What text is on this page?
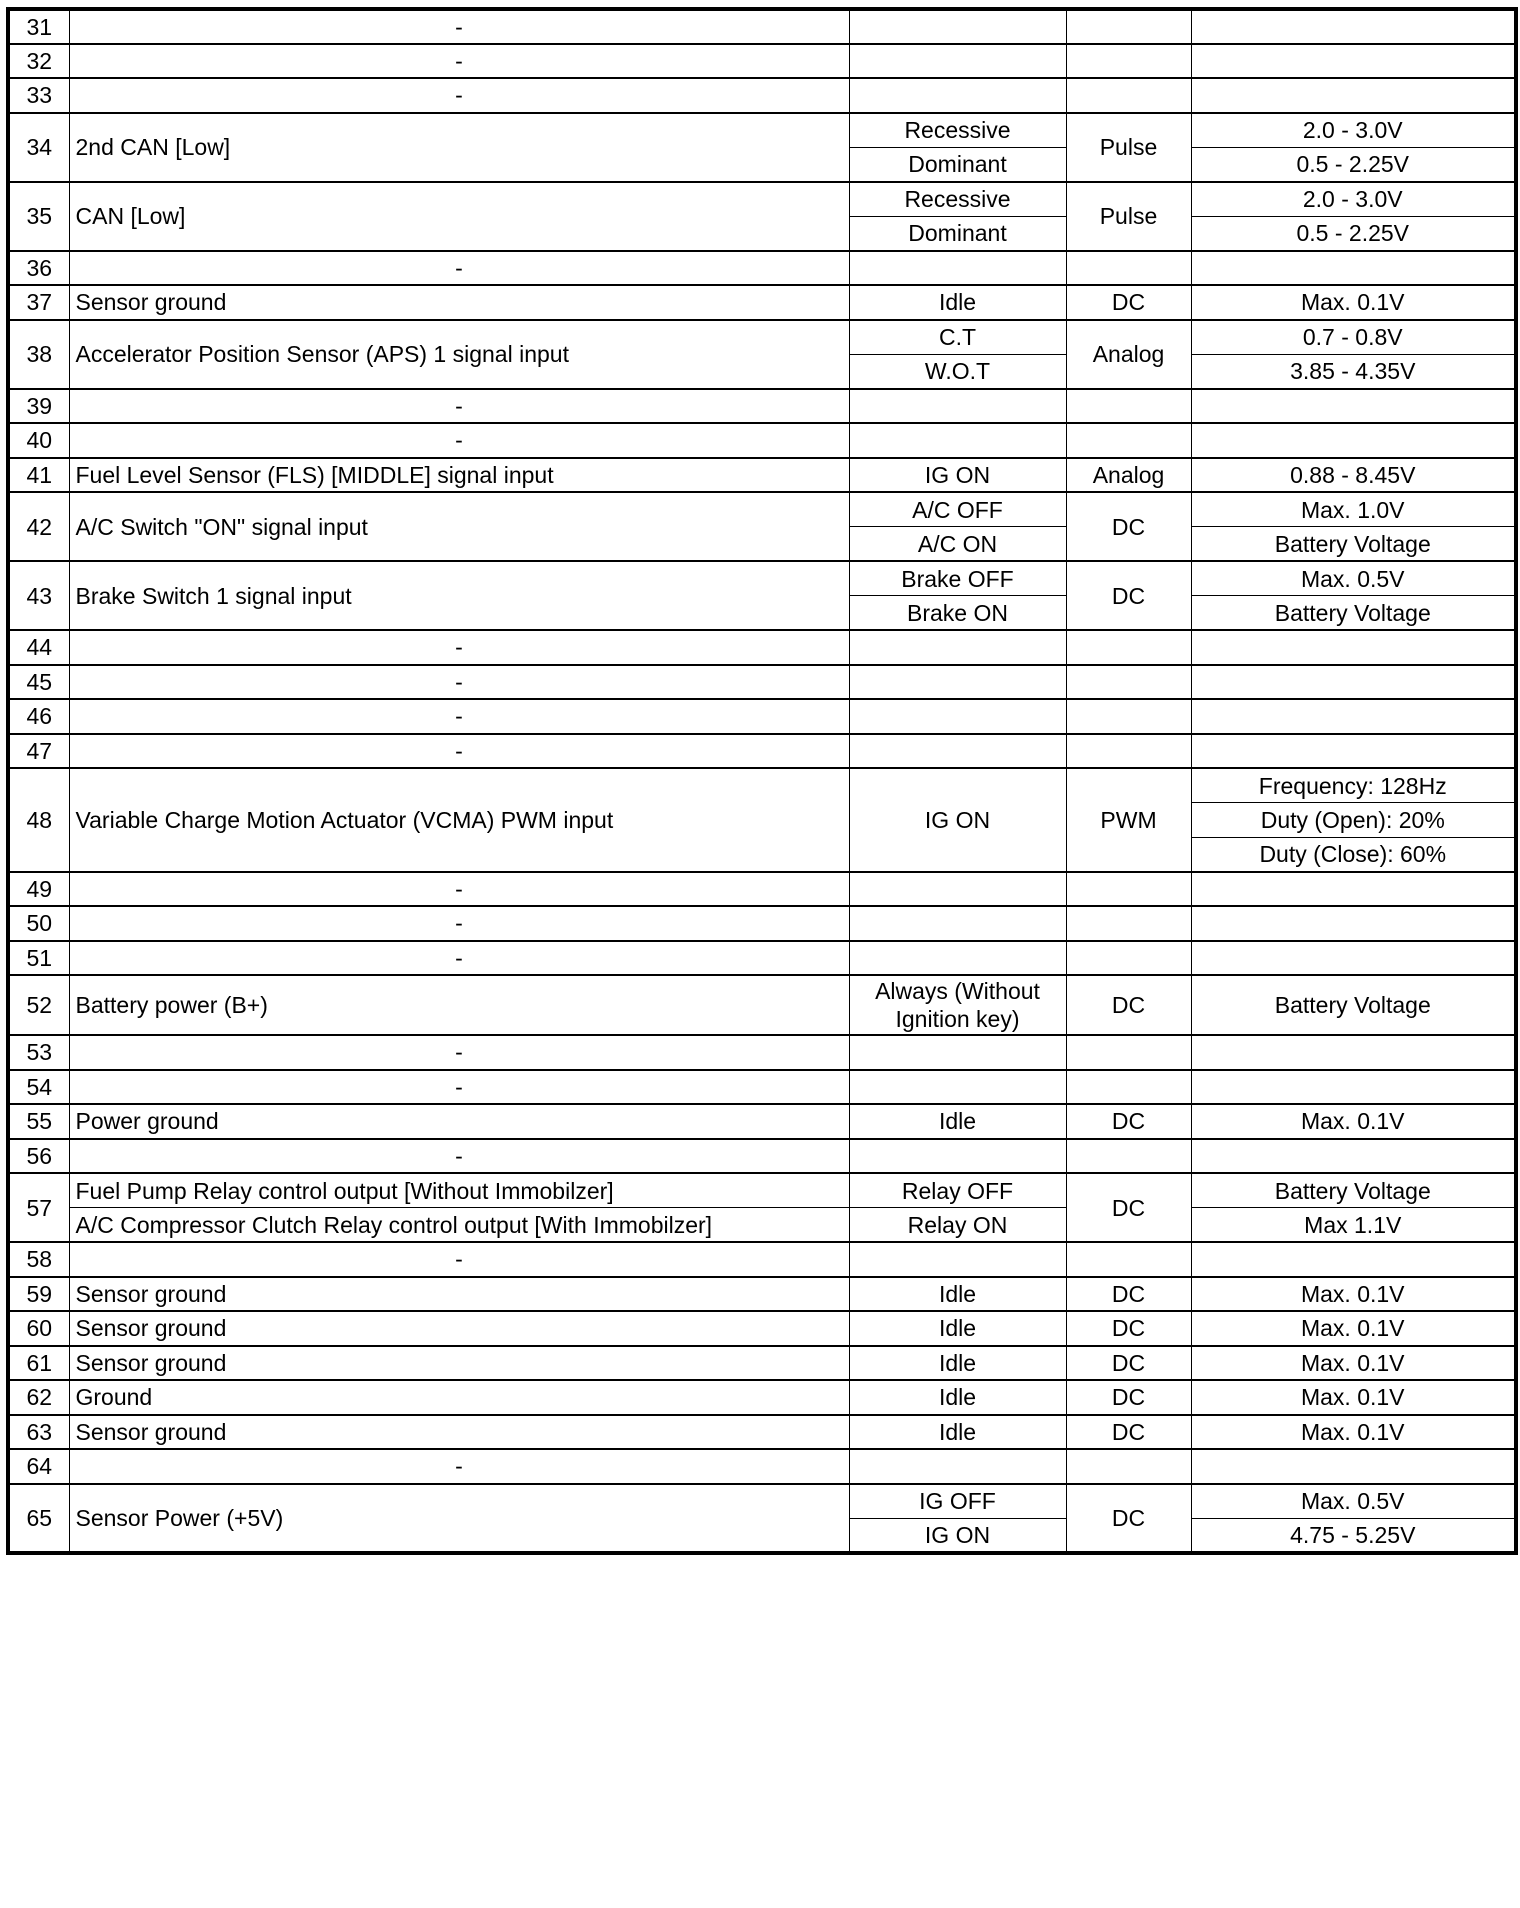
31	-			
32	-			
33	-			
34	2nd CAN [Low]	Recessive	Pulse	2.0 - 3.0V
		Dominant		0.5 - 2.25V
35	CAN [Low]	Recessive	Pulse	2.0 - 3.0V
		Dominant		0.5 - 2.25V
36	-			
37	Sensor ground	Idle	DC	Max. 0.1V
38	Accelerator Position Sensor (APS) 1 signal input	C.T	Analog	0.7 - 0.8V
		W.O.T		3.85 - 4.35V
39	-			
40	-			
41	Fuel Level Sensor (FLS) [MIDDLE] signal input	IG ON	Analog	0.88 - 8.45V
42	A/C Switch "ON" signal input	A/C OFF	DC	Max. 1.0V
		A/C ON		Battery Voltage
43	Brake Switch 1 signal input	Brake OFF	DC	Max. 0.5V
		Brake ON		Battery Voltage
44	-			
45	-			
46	-			
47	-			
48	Variable Charge Motion Actuator (VCMA) PWM input	IG ON	PWM	Frequency: 128Hz
				Duty (Open): 20%
				Duty (Close): 60%
49	-			
50	-			
51	-			
52	Battery power (B+)	Always (Without Ignition key)	DC	Battery Voltage
53	-			
54	-			
55	Power ground	Idle	DC	Max. 0.1V
56	-			
57	Fuel Pump Relay control output [Without Immobilzer]	Relay OFF	DC	Battery Voltage
	A/C Compressor Clutch Relay control output [With Immobilzer]	Relay ON		Max 1.1V
58	-			
59	Sensor ground	Idle	DC	Max. 0.1V
60	Sensor ground	Idle	DC	Max. 0.1V
61	Sensor ground	Idle	DC	Max. 0.1V
62	Ground	Idle	DC	Max. 0.1V
63	Sensor ground	Idle	DC	Max. 0.1V
64	-			
65	Sensor Power (+5V)	IG OFF	DC	Max. 0.5V
		IG ON		4.75 - 5.25V
